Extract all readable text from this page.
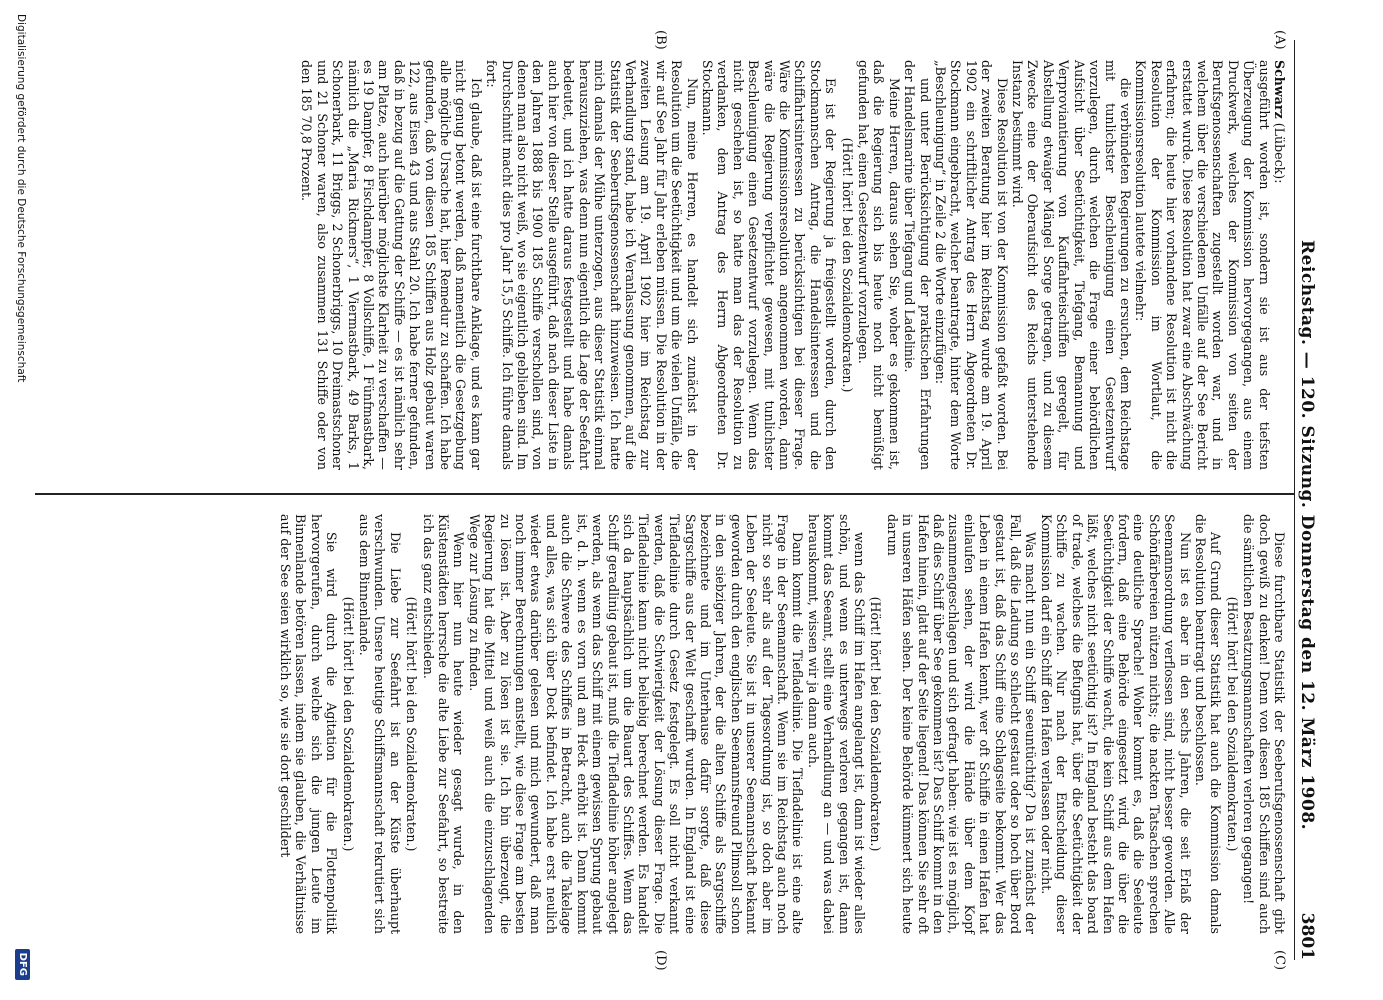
Reichstag. — 120. Sitzung. Donnerstag den 12. März 1908.
3801
(A)
(B)
(C)
(D)

Schwarz (Lübeck):

ausgeführt worden ist, sondern sie ist aus der tiefsten Überzeugung der Kommission hervorgegangen, aus einem Druckwerk, welches der Kommission von seiten der Berufsgenossenschaften zugestellt worden war, und in welchem über die verschiedenen Unfälle auf der See Bericht erstattet wurde. Diese Resolution hat zwar eine Abschwächung erfahren; die heute hier vorhandene Resolution ist nicht die Resolution der Kommission im Wortlaut, die Kommissionsresolution lautete vielmehr:

die verbündeten Regierungen zu ersuchen, dem Reichstage mit tunlichster Beschleunigung einen Gesetzentwurf vorzulegen, durch welchen die Frage einer behördlichen Aufsicht über Seetüchtigkeit, Tiefgang, Bemannung und Verproviantierung von Kauffahrteischiffen geregelt, für Abstellung etwaiger Mängel Sorge getragen, und zu diesem Zwecke eine der Oberaufsicht des Reichs unterstehende Instanz bestimmt wird.

Diese Resolution ist von der Kommission gefaßt worden. Bei der zweiten Beratung hier im Reichstag wurde am 19. April 1902 ein schriftlicher Antrag des Herrn Abgeordneten Dr. Stockmann eingebracht, welcher beantragte, hinter dem Worte „Beschleunigung“ in Zeile 2 die Worte einzufügen:

und unter Berücksichtigung der praktischen Erfahrungen der Handelsmarine über Tiefgang und Ladelinie.

Meine Herren, daraus sehen Sie, woher es gekommen ist, daß die Regierung sich bis heute noch nicht bemüßigt gefunden hat, einen Gesetzentwurf vorzulegen.

(Hört! hört! bei den Sozialdemokraten.)

Es ist der Regierung ja freigestellt worden, durch den Stockmannschen Antrag, die Handelsinteressen und die Schiffahrtsinteressen zu berücksichtigen bei dieser Frage. Wäre die Kommissionsresolution angenommen worden, dann wäre die Regierung verpflichtet gewesen, mit tunlichster Beschleunigung einen Gesetzentwurf vorzulegen. Wenn das nicht geschehen ist, so hatte man das der Resolution zu verdanken, dem Antrag des Herrn Abgeordneten Dr. Stockmann.

Nun, meine Herren, es handelt sich zunächst in der Resolution um die Seetüchtigkeit und um die vielen Unfälle, die wir auf See Jahr für Jahr erleben müssen. Die Resolution in der zweiten Lesung am 19. April 1902 hier im Reichstag zur Verhandlung stand, habe ich Veranlassung genommen, auf die Statistik der Seeberufsgenossenschaft hinzuweisen. Ich hatte mich damals der Mühe unterzogen, aus dieser Statistik einmal herauszuziehen, was denn nun eigentlich die Lage der Seefahrt bedeutet, und ich hatte daraus festgestellt und habe damals auch hier von dieser Stelle ausgeführt, daß nach dieser Liste in den Jahren 1888 bis 1900 185 Schiffe verschollen sind, von denen man also nicht weiß, wo sie eigentlich geblieben sind. Im Durchschnitt macht dies pro Jahr 15,5 Schiffe. Ich führe damals fort:

Ich glaube, daß ist eine furchtbare Anklage, und es kann gar nicht genug betont werden, daß namentlich die Gesetzgebung alle mögliche Ursache hat, hier Remedur zu schaffen. Ich habe gefunden, daß von diesen 185 Schiffen aus Holz gebaut waren 122, aus Eisen 43 und aus Stahl 20. Ich habe ferner gefunden, daß in bezug auf die Gattung der Schiffe — es ist nämlich sehr am Platze, auch hierüber möglichste Klarheit zu verschaffen — es 19 Dampfer, 8 Fischdampfer, 8 Vollschiffe, 1 Fünfmastbark, nämlich die „Maria Rickmers“, 1 Viermastbark, 49 Barks, 1 Schonerbark, 11 Briggs, 2 Schonerbriggs, 10 Dreimastschoner und 21 Schoner waren, also zusammen 131 Schiffe oder von den 185 70,8 Prozent.

Diese furchtbare Statistik der Seeberufsgenossenschaft gibt doch gewiß zu denken! Denn von diesen 185 Schiffen sind auch die sämtlichen Besatzungsmannschaften verloren gegangen!

(Hört! hört! bei den Sozialdemokraten.)

Auf Grund dieser Statistik hat auch die Kommission damals die Resolution beantragt und beschlossen.

Nun ist es aber in den sechs Jahren, die seit Erlaß der Seemannsordnung verflossen sind, nicht besser geworden. Alle Schönfärbereien nützen nichts; die nackten Tatsachen sprechen eine deutliche Sprache! Woher kommt es, daß die Seeleute fordern, daß eine Behörde eingesetzt wird, die über die Seetüchtigkeit der Schiffe wacht, die kein Schiff aus dem Hafen läßt, welches nicht seetüchtig ist? In England besteht das board of trade, welches die Befugnis hat, über die Seetüchtigkeit der Schiffe zu wachen. Nur nach der Entscheidung dieser Kommission darf ein Schiff den Hafen verlassen oder nicht.

Was macht nun ein Schiff seeuntüchtig? Da ist zunächst der Fall, daß die Ladung so schlecht gestaut oder so hoch über Bord gestaut ist, daß das Schiff eine Schlagseite bekommt. Wer das Leben in einem Hafen kennt, wer oft Schiffe in einen Hafen hat einlaufen sehen, der wird die Hände über dem Kopf zusammengeschlagen und sich gefragt haben: wie ist es möglich, daß dies Schiff über See gekommen ist? Das Schiff kommt in den Hafen hinein, glatt auf der Seite liegend! Das können Sie sehr oft in unseren Häfen sehen. Der keine Behörde kümmert sich heute darum

(Hört! hört! bei den Sozialdemokraten.)

wenn das Schiff im Hafen angelangt ist, dann ist wieder alles schön, und wenn es unterwegs verloren gegangen ist, dann kommt das Seeamt, stellt eine Verhandlung an — und was dabei herauskommt, wissen wir ja dann auch.

Dann kommt die Tiefladelinie. Die Tiefladelinie ist eine alte Frage in der Seemannschaft. Wenn sie im Reichstag auch noch nicht so sehr als auf der Tagesordnung ist, so doch aber im Leben der Seeleute. Sie ist in unserer Seemannschaft bekannt geworden durch den englischen Seemannsfreund Plimsoll schon in den siebziger Jahren, der die alten Schiffe als Sargschiffe bezeichnete und im Unterhause dafür sorgte, daß diese Sargschiffe aus der Welt geschafft wurden. In England ist eine Tiefladelinie durch Gesetz festgelegt. Es soll nicht verkannt werden, daß die Schwierigkeit der Lösung dieser Frage. Die Tiefladelinie kann nicht beliebig berechnet werden. Es handelt sich da hauptsächlich um die Bauart des Schiffes. Wenn das Schiff geradlinig gebaut ist, muß die Tiefladelinie höher angelegt werden, als wenn das Schiff mit einem gewissen Sprung gebaut ist, d. h. wenn es vorn und am Heck erhöht ist. Dann kommt auch die Schwere des Schiffes in Betracht, auch die Takelage und alles, was sich über Deck befindet. Ich habe erst neulich wieder etwas darüber gelesen und mich gewundert, daß man noch immer Berechnungen anstellt, wie diese Frage am besten zu lösen ist. Aber zu lösen ist sie. Ich bin überzeugt, die Regierung hat die Mittel und weiß auch die einzuschlagenden Wege zur Lösung zu finden.

Wenn hier nun heute wieder gesagt wurde, in den Küstenstädten herrsche die alte Liebe zur Seefahrt, so bestreite ich das ganz entschieden.

(Hört! hört! bei den Sozialdemokraten.)

Die Liebe zur Seefahrt ist an der Küste überhaupt verschwunden. Unsere heutige Schiffsmannschaft rekrutiert sich aus dem Binnenlande.

(Hört! hört! bei den Sozialdemokraten.)

Sie wird durch die Agitation für die Flottenpolitik hervorgerufen, durch welche sich die jungen Leute im Binnenlande betören lassen, indem sie glauben, die Verhältnisse auf der See seien wirklich so, wie sie dort geschildert

Digitalisierung gefördert durch die Deutsche Forschungsgemeinschaft
DFG
